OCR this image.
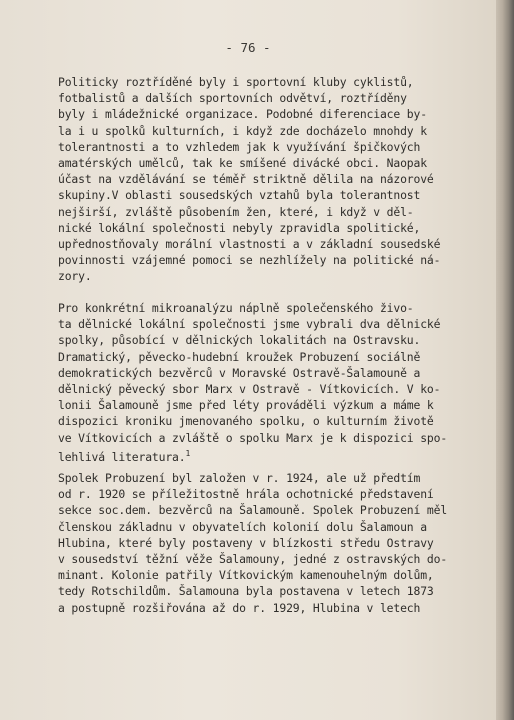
- 76 -
Politicky roztříděné byly i sportovní kluby cyklistů,
fotbalistů a dalších sportovních odvětví, roztříděny
byly i mládežnické organizace. Podobné diferenciace by-
la i u spolků kulturních, i když zde docházelo mnohdy k
tolerantnosti a to vzhledem jak k využívání špičkových
amatérských umělců, tak ke smíšené divácké obci. Naopak
účast na vzdělávání se téměř striktně dělila na názorové
skupiny.V oblasti sousedských vztahů byla tolerantnost
nejširší, zvláště působením žen, které, i když v děl-
nické lokální společnosti nebyly zpravidla spolitické,
upřednostňovaly morální vlastnosti a v základní sousedské
povinnosti vzájemné pomoci se nezhlížely na politické ná-
zory.
Pro konkrétní mikroanalýzu náplně společenského živo-
ta dělnické lokální společnosti jsme vybrali dva dělnické
spolky, působící v dělnických lokalitách na Ostravsku.
Dramatický, pěvecko-hudební kroužek Probuzení sociálně
demokratických bezvěrců v Moravské Ostravě-Šalamouně a
dělnický pěvecký sbor Marx v Ostravě - Vítkovicích. V ko-
lonii Šalamouně jsme před léty prováděli výzkum a máme k
dispozici kroniku jmenovaného spolku, o kulturním životě
ve Vítkovicích a zvláště o spolku Marx je k dispozici spo-
lehlivá literatura.$^1$
Spolek Probuzení byl založen v r. 1924, ale už předtím
od r. 1920 se příležitostně hrála ochotnické představení
sekce soc.dem. bezvěrců na Šalamouně. Spolek Probuzení měl
členskou základnu v obyvatelích kolonií dolu Šalamoun a
Hlubina, které byly postaveny v blízkosti středu Ostravy
v sousedství těžní věže Šalamouny, jedné z ostravských do-
minant. Kolonie patřily Vítkovickým kamenouhelným dolům,
tedy Rotschildům. Šalamouna byla postavena v letech 1873
a postupně rozšiřována až do r. 1929, Hlubina v letech
